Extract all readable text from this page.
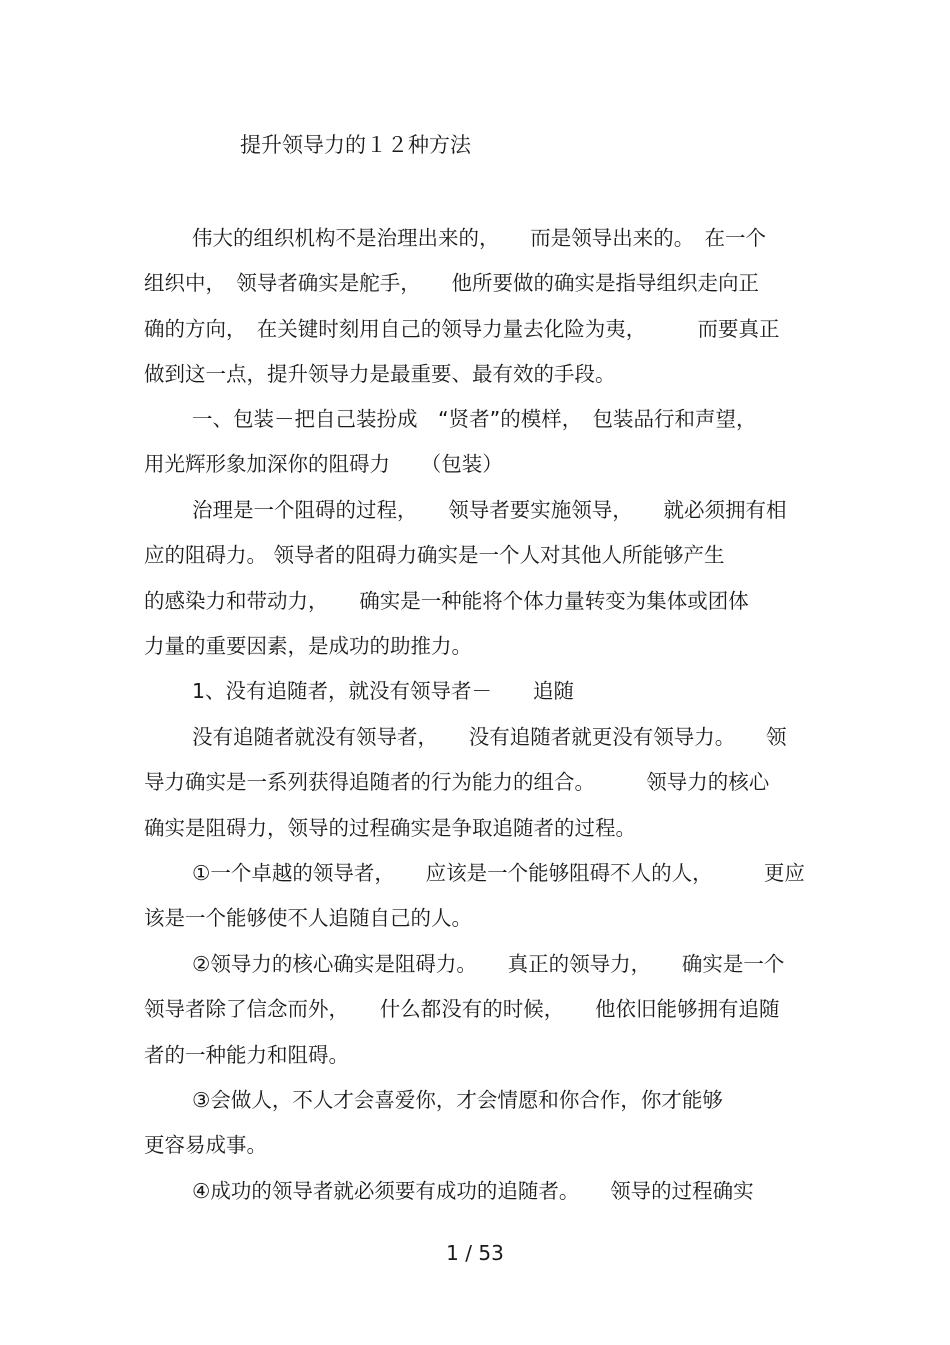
提升领导力的１２种方法

伟大的组织机构不是治理出来的，　　而是领导出来的。　在一个

组织中，　领导者确实是舵手，　　他所要做的确实是指导组织走向正

确的方向，　在关键时刻用自己的领导力量去化险为夷，　　　而要真正

做到这一点，提升领导力是最重要、最有效的手段。

一、包装－把自己装扮成　“贤者”的模样，　包装品行和声望，

用光辉形象加深你的阻碍力　　（包装）

治理是一个阻碍的过程，　　领导者要实施领导，　　就必须拥有相

应的阻碍力。 领导者的阻碍力确实是一个人对其他人所能够产生

的感染力和带动力，　　确实是一种能将个体力量转变为集体或团体

力量的重要因素，是成功的助推力。

1、没有追随者，就没有领导者－　　追随

没有追随者就没有领导者，　　没有追随者就更没有领导力。　　领

导力确实是一系列获得追随者的行为能力的组合。　　　领导力的核心

确实是阻碍力，领导的过程确实是争取追随者的过程。

①一个卓越的领导者，　　应该是一个能够阻碍不人的人，　　　更应

该是一个能够使不人追随自己的人。

②领导力的核心确实是阻碍力。　　真正的领导力，　　确实是一个

领导者除了信念而外，　　什么都没有的时候，　　他依旧能够拥有追随

者的一种能力和阻碍。

③会做人，不人才会喜爱你，才会情愿和你合作，你才能够

更容易成事。

④成功的领导者就必须要有成功的追随者。　　领导的过程确实

1 / 53
